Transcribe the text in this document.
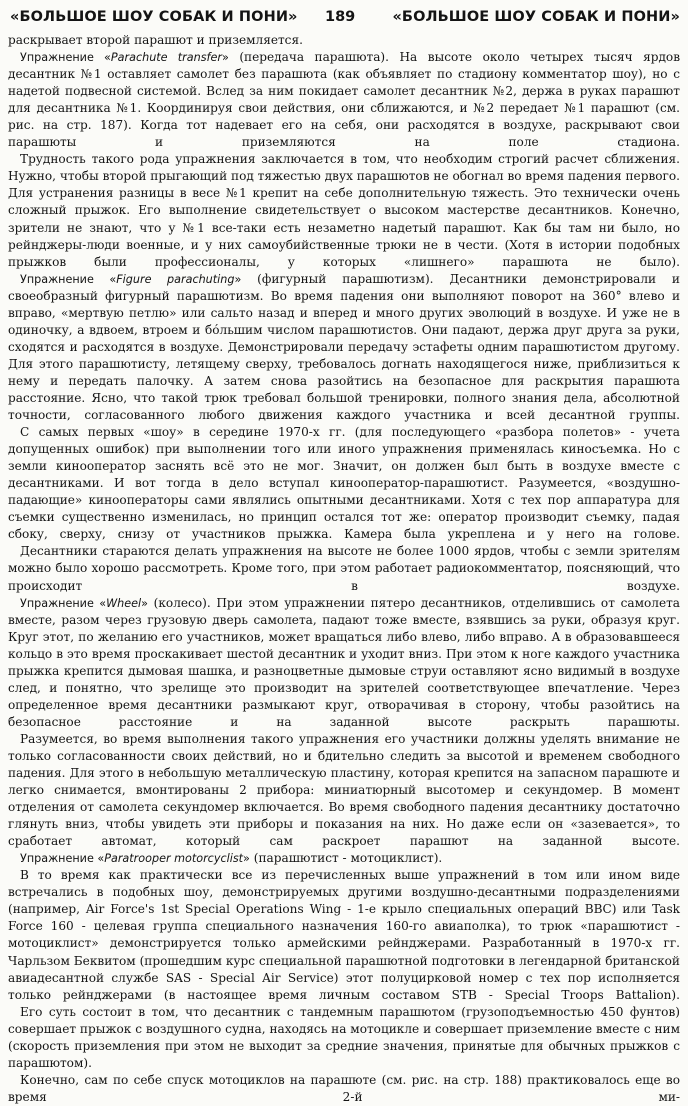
«БОЛЬШОЕ ШОУ СОБАК И ПОНИ» 189	«БОЛЬШОЕ ШОУ СОБАК И ПОНИ»

раскрывает второй парашют и приземляется.

Упражнение «Parachute transfer» (передача парашюта). На высоте около четырех тысяч ярдов десантник №1 оставляет самолет без парашюта (как объявляет по стадиону комментатор шоу), но с надетой подвесной системой. Вслед за ним покидает самолет десантник №2, держа в руках парашют для десантника №1. Координируя свои действия, они сближаются, и №2 передает №1 парашют (см. рис. на стр. 187). Когда тот надевает его на себя, они расходятся в воздухе, раскрывают свои парашюты и приземляются на поле стадиона.

Трудность такого рода упражнения заключается в том, что необходим строгий расчет сближения. Нужно, чтобы второй прыгающий под тяжестью двух парашютов не обогнал во время падения первого. Для устранения разницы в весе №1 крепит на себе дополнительную тяжесть. Это технически очень сложный прыжок. Его выполнение свидетельствует о высоком мастерстве десантников. Конечно, зрители не знают, что у №1 все-таки есть незаметно надетый парашют. Как бы там ни было, но рейнджеры-люди военные, и у них самоубийственные трюки не в чести. (Хотя в истории подобных прыжков были профессионалы, у которых «лишнего» парашюта не было).

Упражнение «Figure parachuting» (фигурный парашютизм). Десантники демонстрировали и своеобразный фигурный парашютизм. Во время падения они выполняют поворот на 360° влево и вправо, «мертвую петлю» или сальто назад и вперед и много других эволюций в воздухе. И уже не в одиночку, а вдвоем, втроем и бóльшим числом парашютистов. Они падают, держа друг друга за руки, сходятся и расходятся в воздухе. Демонстрировали передачу эстафеты одним парашютистом другому. Для этого парашютисту, летящему сверху, требовалось догнать находящегося ниже, приблизиться к нему и передать палочку. А затем снова разойтись на безопасное для раскрытия парашюта расстояние. Ясно, что такой трюк требовал большой тренировки, полного знания дела, абсолютной точности, согласованного любого движения каждого участника и всей десантной группы.

С самых первых «шоу» в середине 1970-х гг. (для последующего «разбора полетов» - учета допущенных ошибок) при выполнении того или иного упражнения применялась киносъемка. Но с земли кинооператор заснять всё это не мог. Значит, он должен был быть в воздухе вместе с десантниками. И вот тогда в дело вступал кинооператор-парашютист. Разумеется, «воздушно-падающие» кинооператоры сами являлись опытными десантниками. Хотя с тех пор аппаратура для съемки существенно изменилась, но принцип остался тот же: оператор производит съемку, падая сбоку, сверху, снизу от участников прыжка. Камера была укреплена и у него на голове.

Десантники стараются делать упражнения на высоте не более 1000 ярдов, чтобы с земли зрителям можно было хорошо рассмотреть. Кроме того, при этом работает радиокомментатор, поясняющий, что происходит в воздухе.

Упражнение «Wheel» (колесо). При этом упражнении пятеро десантников, отделившись от самолета вместе, разом через грузовую дверь самолета, падают тоже вместе, взявшись за руки, образуя круг. Круг этот, по желанию его участников, может вращаться либо влево, либо вправо. А в образовавшееся кольцо в это время проскакивает шестой десантник и уходит вниз. При этом к ноге каждого участника прыжка крепится дымовая шашка, и разноцветные дымовые струи оставляют ясно видимый в воздухе след, и понятно, что зрелище это производит на зрителей соответствующее впечатление. Через определенное время десантники размыкают круг, отворачивая в сторону, чтобы разойтись на безопасное расстояние и на заданной высоте раскрыть парашюты.

Разумеется, во время выполнения такого упражнения его участники должны уделять внимание не только согласованности своих действий, но и бдительно следить за высотой и временем свободного падения. Для этого в небольшую металлическую пластину, которая крепится на запасном парашюте и легко снимается, вмонтированы 2 прибора: миниатюрный высотомер и секундомер. В момент отделения от самолета секундомер включается. Во время свободного падения десантнику достаточно глянуть вниз, чтобы увидеть эти приборы и показания на них. Но даже если он «зазевается», то сработает автомат, который сам раскроет парашют на заданной высоте.

Упражнение «Paratrooper motorcyclist» (парашютист - мотоциклист).

В то время как практически все из перечисленных выше упражнений в том или ином виде встречались в подобных шоу, демонстрируемых другими воздушно-десантными подразделениями (например, Air Force's 1st Special Operations Wing - 1-е крыло специальных операций ВВС) или Task Force 160 - целевая группа специального назначения 160-го авиаполка), то трюк «парашютист - мотоциклист» демонстрируется только армейскими рейнджерами. Разработанный в 1970-х гг. Чарльзом Беквитом (прошедшим курс специальной парашютной подготовки в легендарной британской авиадесантной службе SAS - Special Air Service) этот полуцирковой номер с тех пор исполняется только рейнджерами (в настоящее время личным составом STB - Special Troops Battalion).

Его суть состоит в том, что десантник с тандемным парашютом (грузоподъемностью 450 фунтов) совершает прыжок с воздушного судна, находясь на мотоцикле и совершает приземление вместе с ним (скорость приземления при этом не выходит за средние значения, принятые для обычных прыжков с парашютом).

Конечно, сам по себе спуск мотоциклов на парашюте (см. рис. на стр. 188) практиковалось еще во время 2-й ми-
